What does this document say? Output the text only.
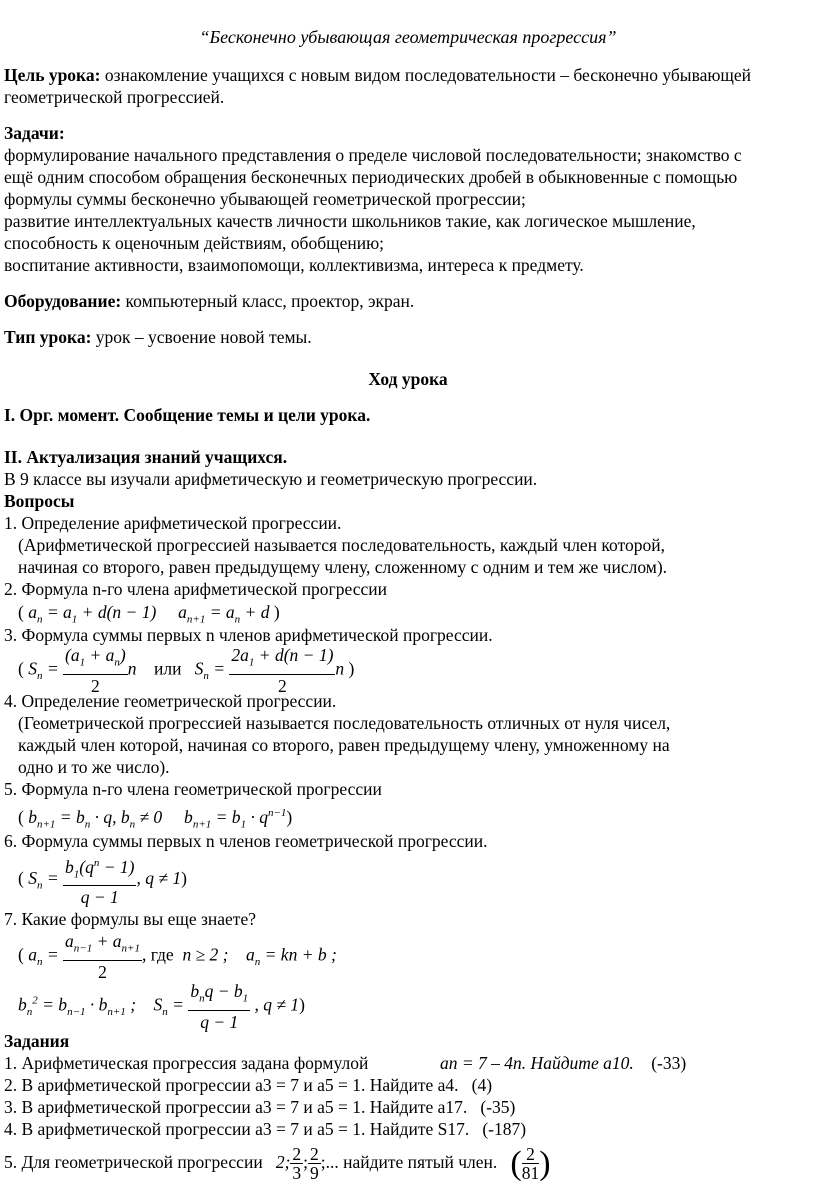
“Бесконечно убывающая геометрическая прогрессия”
Цель урока: ознакомление учащихся с новым видом последовательности – бесконечно убывающей
геометрической прогрессией.
Задачи:
формулирование начального представления о пределе числовой последовательности; знакомство с
ещё одним способом обращения бесконечных периодических дробей в обыкновенные с помощью
формулы суммы бесконечно убывающей геометрической прогрессии;
развитие интеллектуальных качеств личности школьников такие, как логическое мышление,
способность к оценочным действиям, обобщению;
воспитание активности, взаимопомощи, коллективизма, интереса к предмету.
Оборудование: компьютерный класс, проектор, экран.
Тип урока: урок – усвоение новой темы.
Ход урока
I. Орг. момент. Сообщение темы и цели урока.
II. Актуализация знаний учащихся.
В 9 классе вы изучали арифметическую и геометрическую прогрессии.
Вопросы
1. Определение арифметической прогрессии.
(Арифметической прогрессией называется последовательность, каждый член которой,
начиная со второго, равен предыдущему члену, сложенному с одним и тем же числом).
2. Формула n-го члена арифметической прогрессии
( $a_n = a_1 + d(n - 1)$     $a_{n+1} = a_n + d$ )
3. Формула суммы первых n членов арифметической прогрессии.
( $S_n = \frac{(a_1 + a_n)}{2}$ n    или   $S_n = \frac{2a_1 + d(n - 1)}{2}$ n )
4. Определение геометрической прогрессии.
(Геометрической прогрессией называется последовательность отличных от нуля чисел,
каждый член которой, начиная со второго, равен предыдущему члену, умноженному на
одно и то же число).
5. Формула n-го члена геометрической прогрессии
( $b_{n+1} = b_n \cdot q$, $b_n \ne 0$     $b_{n+1} = b_1 \cdot q^{n-1}$)
6. Формула суммы первых n членов геометрической прогрессии.
( $S_n = \frac{b_1(q^n - 1)}{q - 1}$ , q ≠ 1)
7. Какие формулы вы еще знаете?
( $a_n = \frac{a_{n-1} + a_{n+1}}{2}$ , где  n ≥ 2 ;    $a_n$ = kn + b ;
$b_n^2 = b_{n-1} \cdot b_{n+1}$ ;    $S_n = \frac{b_nq - b_1}{q - 1}$ , q ≠ 1)
Задания
1. Арифметическая прогрессия задана формулой	an = 7 – 4n. Найдите a10. (-33)
2. В арифметической прогрессии a3 = 7 и a5 = 1. Найдите a4. (4)
3. В арифметической прогрессии a3 = 7 и a5 = 1. Найдите a17. (-35)
4. В арифметической прогрессии a3 = 7 и a5 = 1. Найдите S17. (-187)
5. Для геометрической прогрессии 2; $\frac{2}{3}$ ; $\frac{2}{9}$ ;... найдите пятый член. ( $\frac{2}{81}$ )
